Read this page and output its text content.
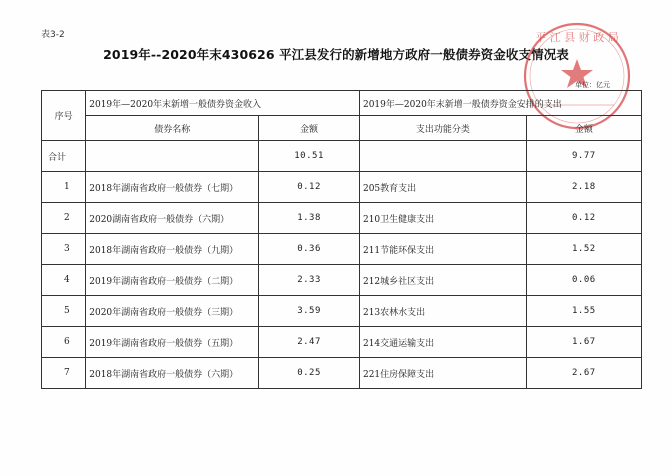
表3-2
2019年--2020年末430626 平江县发行的新增地方政府一般债券资金收支情况表
平 江 县 财 政 局
单位：亿元
序号	2019年—2020年末新增一般债券资金收入		2019年—2020年末新增一般债券资金安排的支出	
	债券名称	金额	支出功能分类	金额
合计		10.51		9.77
1	2018年湖南省政府一般债券（七期）	0.12	205教育支出	2.18
2	2020湖南省政府一般债券（六期）	1.38	210卫生健康支出	0.12
3	2018年湖南省政府一般债券（九期）	0.36	211节能环保支出	1.52
4	2019年湖南省政府一般债券（二期）	2.33	212城乡社区支出	0.06
5	2020年湖南省政府一般债券（三期）	3.59	213农林水支出	1.55
6	2019年湖南省政府一般债券（五期）	2.47	214交通运输支出	1.67
7	2018年湖南省政府一般债券（六期）	0.25	221住房保障支出	2.67
